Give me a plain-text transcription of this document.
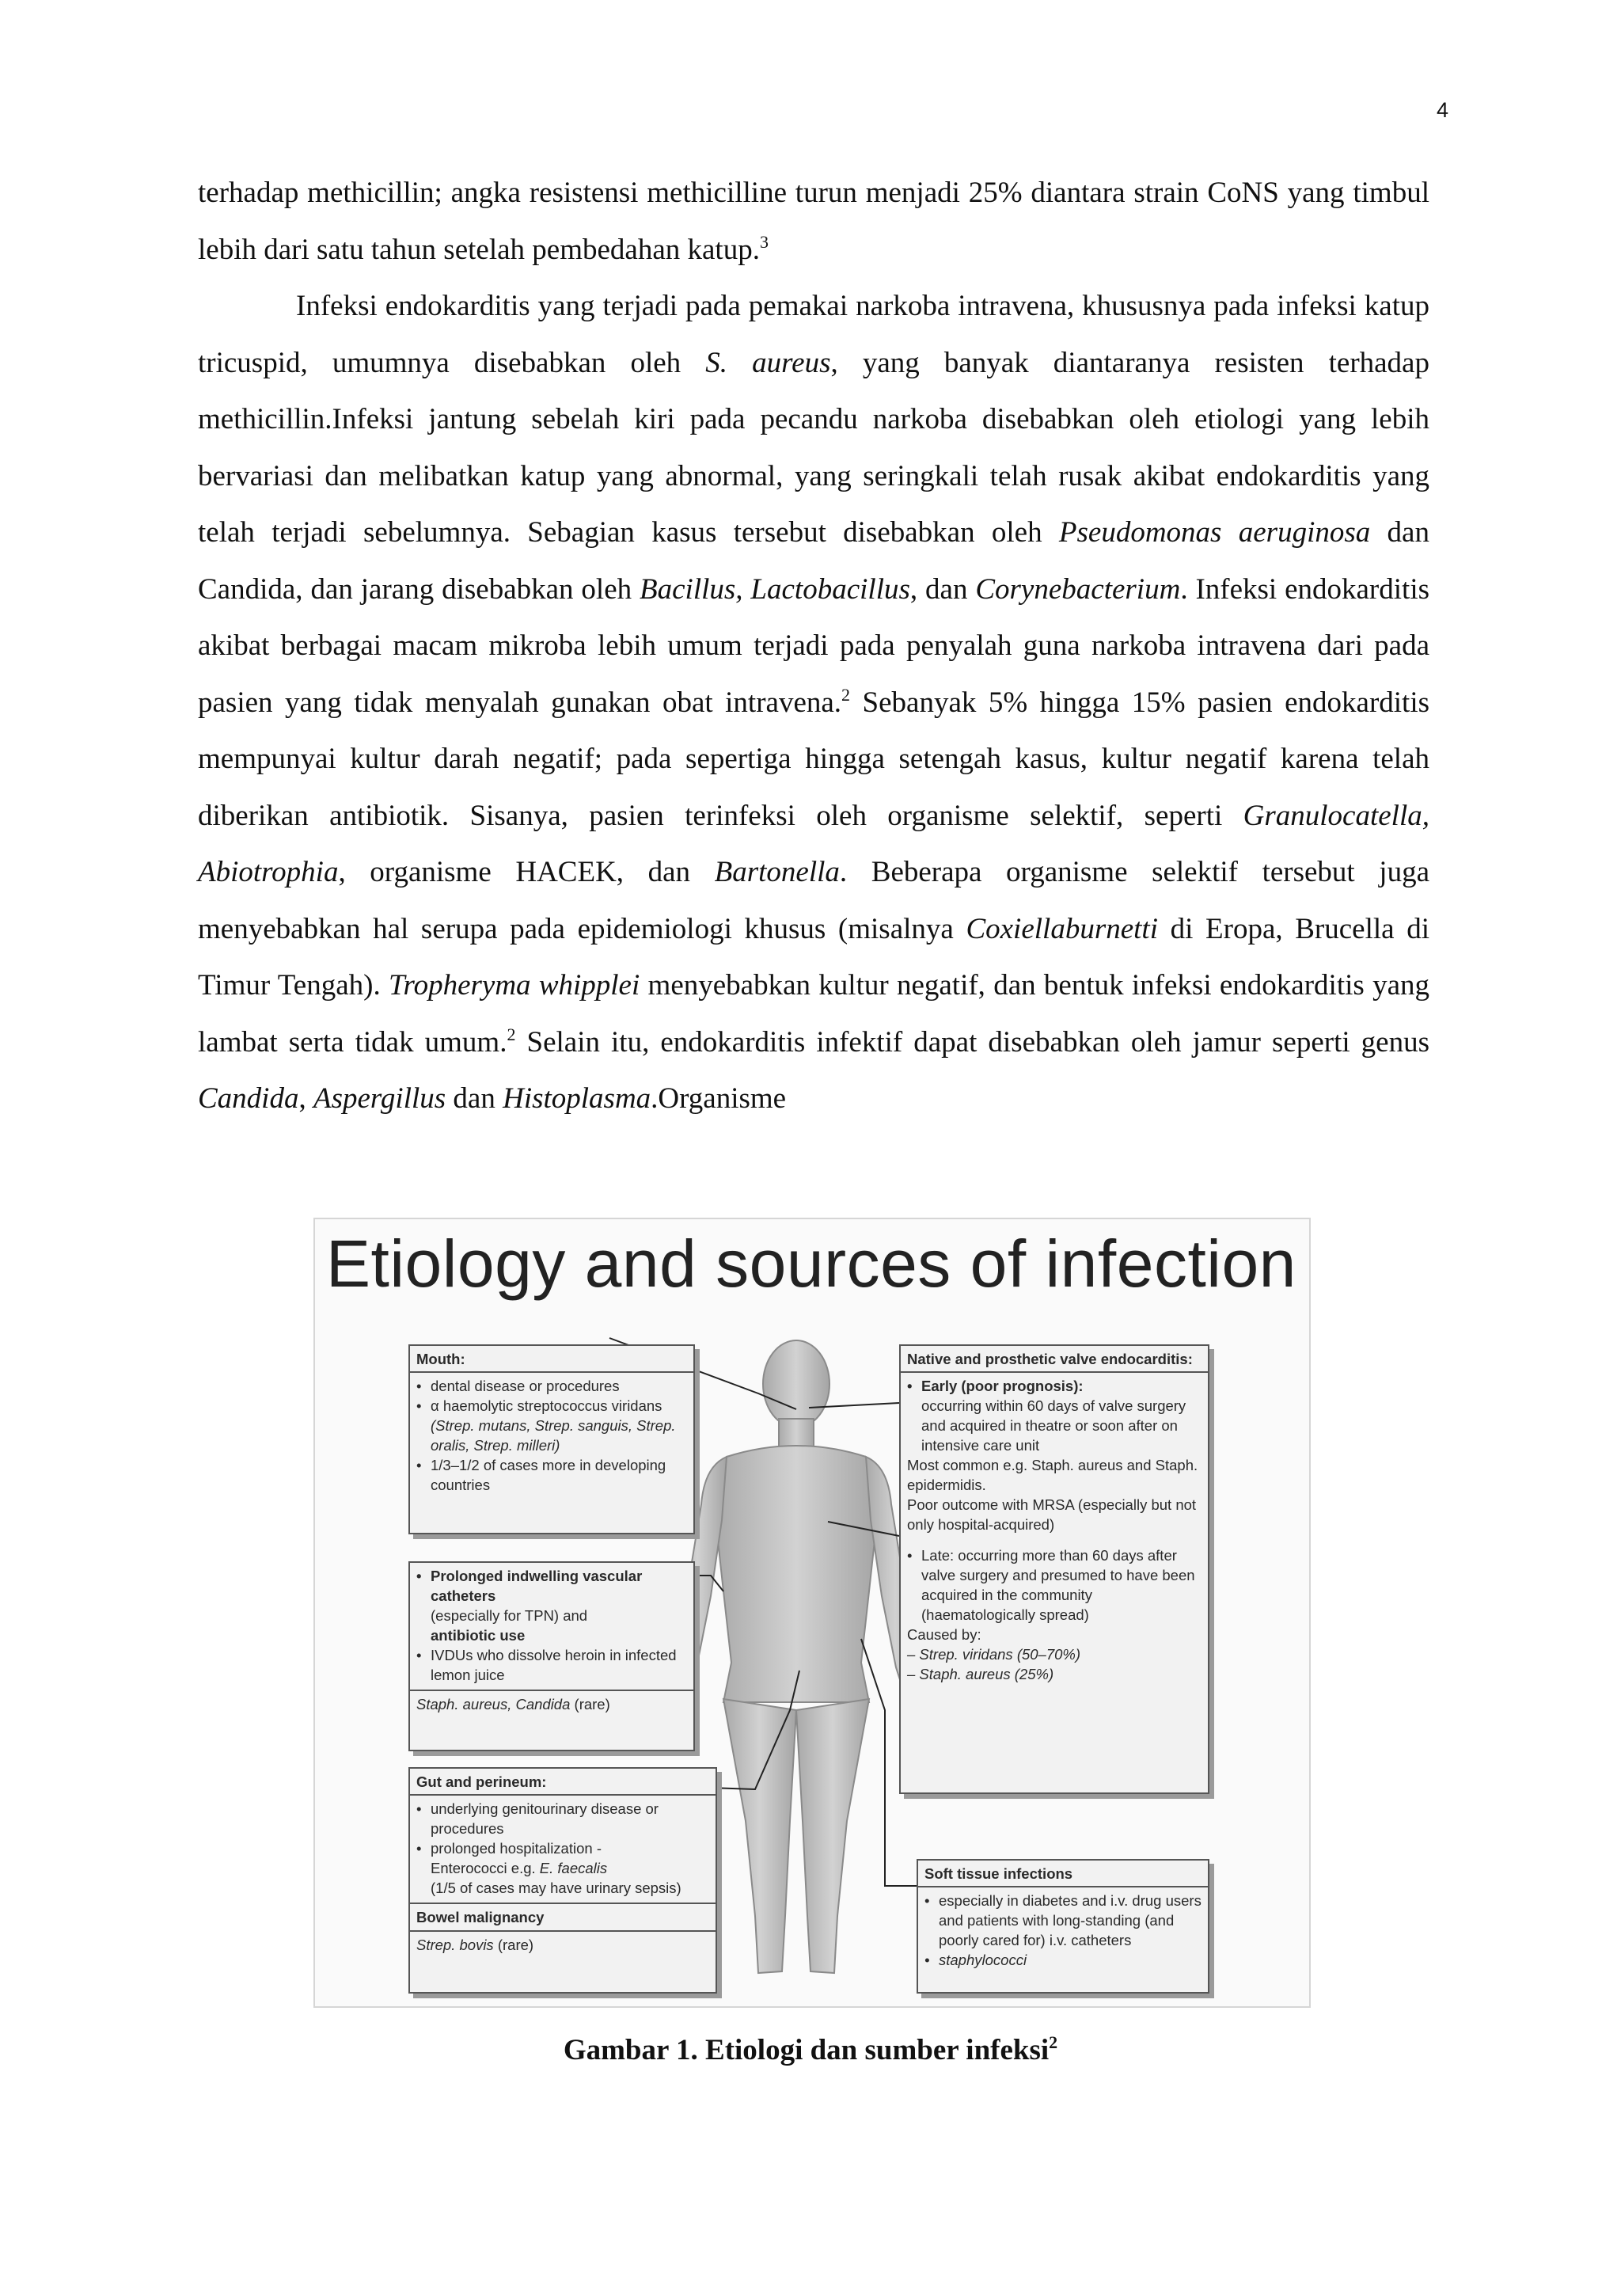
4

terhadap methicillin; angka resistensi methicilline turun menjadi 25% diantara strain CoNS yang timbul lebih dari satu tahun setelah pembedahan katup.$^3$

Infeksi endokarditis yang terjadi pada pemakai narkoba intravena, khususnya pada infeksi katup tricuspid, umumnya disebabkan oleh S. aureus, yang banyak diantaranya resisten terhadap methicillin.Infeksi jantung sebelah kiri pada pecandu narkoba disebabkan oleh etiologi yang lebih bervariasi dan melibatkan katup yang abnormal, yang seringkali telah rusak akibat endokarditis yang telah terjadi sebelumnya. Sebagian kasus tersebut disebabkan oleh Pseudomonas aeruginosa dan Candida, dan jarang disebabkan oleh Bacillus, Lactobacillus, dan Corynebacterium. Infeksi endokarditis akibat berbagai macam mikroba lebih umum terjadi pada penyalah guna narkoba intravena dari pada pasien yang tidak menyalah gunakan obat intravena.$^2$ Sebanyak 5% hingga 15% pasien endokarditis mempunyai kultur darah negatif; pada sepertiga hingga setengah kasus, kultur negatif karena telah diberikan antibiotik. Sisanya, pasien terinfeksi oleh organisme selektif, seperti Granulocatella, Abiotrophia, organisme HACEK, dan Bartonella. Beberapa organisme selektif tersebut juga menyebabkan hal serupa pada epidemiologi khusus (misalnya Coxiellaburnetti di Eropa, Brucella di Timur Tengah). Tropheryma whipplei menyebabkan kultur negatif, dan bentuk infeksi endokarditis yang lambat serta tidak umum.$^2$ Selain itu, endokarditis infektif dapat disebabkan oleh jamur seperti genus Candida, Aspergillus dan Histoplasma.Organisme

Etiology and sources of infection
Mouth:
• dental disease or procedures
• α haemolytic streptococcus viridans
(Strep. mutans, Strep. sanguis, Strep. oralis, Strep. milleri)
• 1/3–1/2 of cases more in developing countries
• Prolonged indwelling vascular catheters
(especially for TPN) and
antibiotic use
• IVDUs who dissolve heroin in infected lemon juice
Staph. aureus, Candida (rare)
Gut and perineum:
• underlying genitourinary disease or procedures
• prolonged hospitalization -
Enterococci e.g. E. faecalis
(1/5 of cases may have urinary sepsis)
Bowel malignancy
Strep. bovis (rare)
Native and prosthetic valve endocarditis:
• Early (poor prognosis):
occurring within 60 days of valve surgery and acquired in theatre or soon after on intensive care unit
Most common e.g. Staph. aureus and Staph. epidermidis.
Poor outcome with MRSA (especially but not only hospital-acquired)
• Late: occurring more than 60 days after valve surgery and presumed to have been acquired in the community (haematologically spread)
Caused by:
– Strep. viridans (50–70%)
– Staph. aureus (25%)
Soft tissue infections
• especially in diabetes and i.v. drug users and patients with long-standing (and poorly cared for) i.v. catheters
• staphylococci
Gambar 1. Etiologi dan sumber infeksi$^2$
